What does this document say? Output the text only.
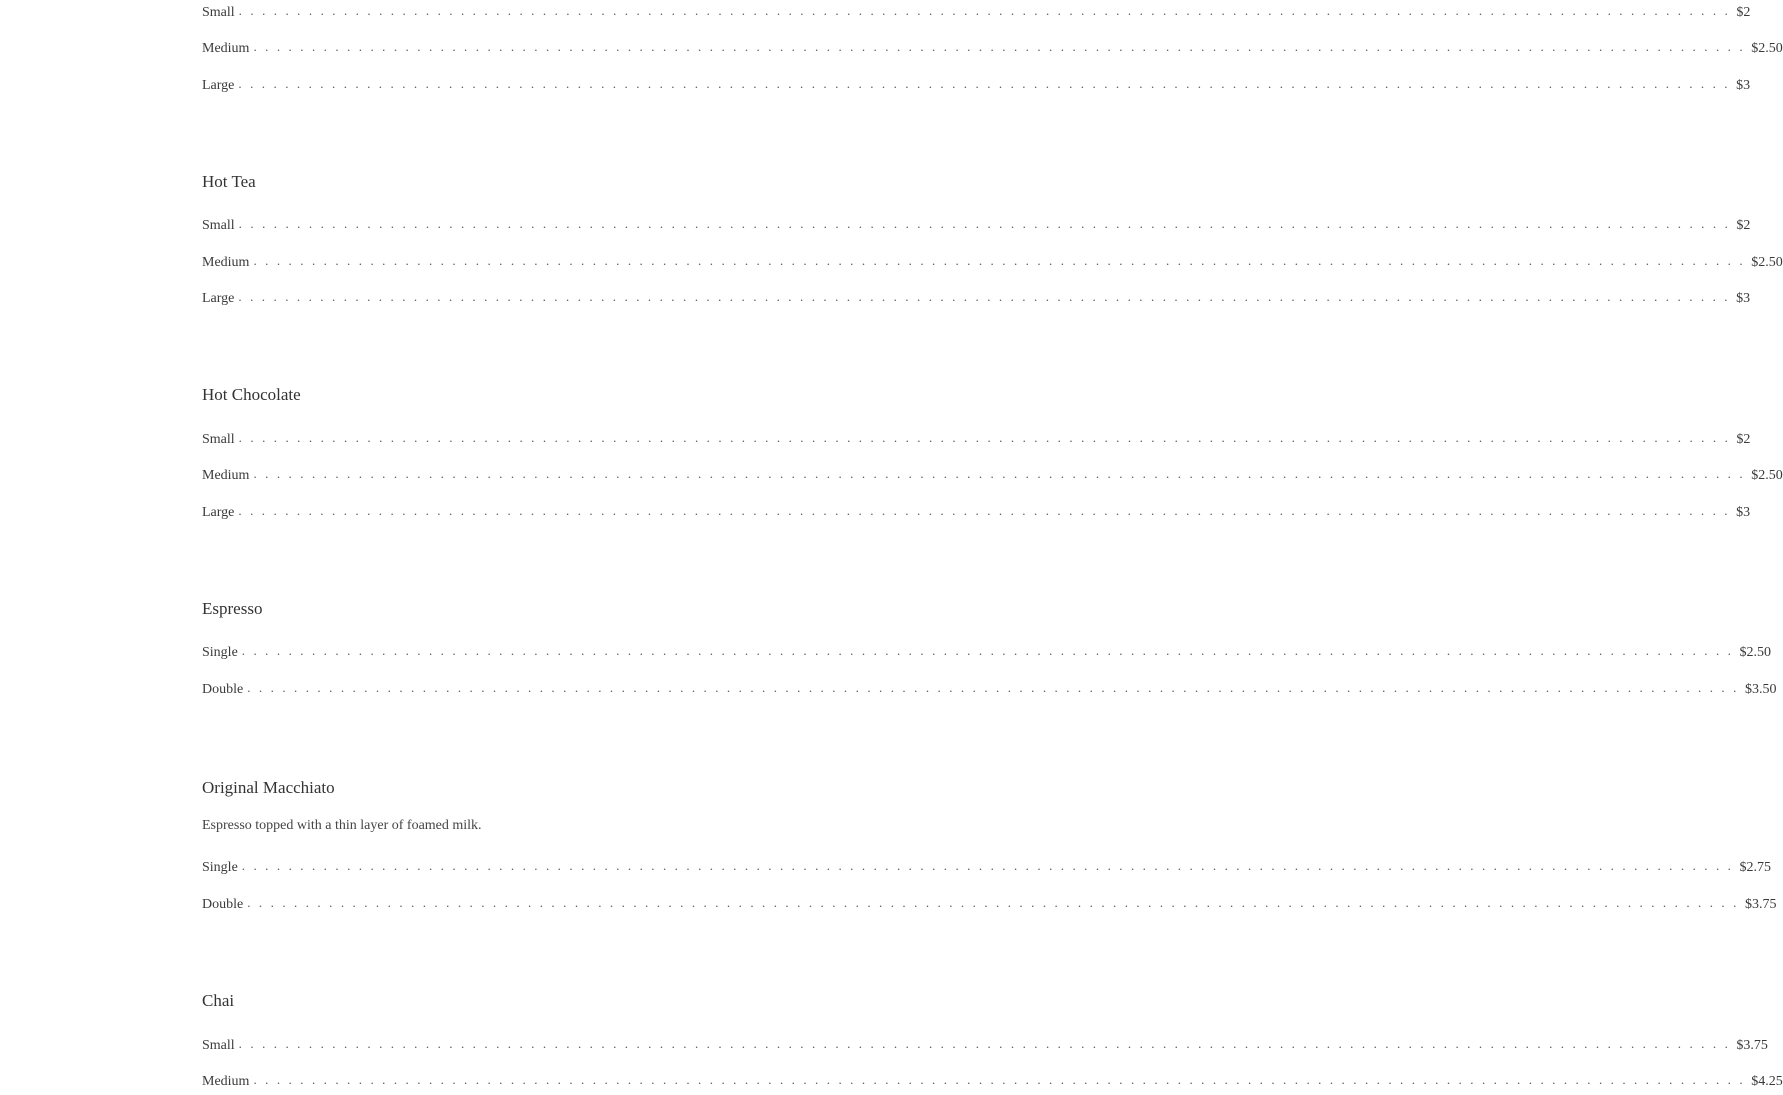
Small . . . . . . . . . . . . . . . . . . . . . . . . . . . . . . . . . . . . . . . . . . . . . . . . . . . . . . . . . . . . . . . . . . . . . . . . . . . . . . . . . . . . . . . . . . . . . . . . . . . . . . . . . . . . . . . . . . . . . . . . . . . . . . . . $2
Medium . . . . . . . . . . . . . . . . . . . . . . . . . . . . . . . . . . . . . . . . . . . . . . . . . . . . . . . . . . . . . . . . . . . . . . . . . . . . . . . . . . . . . . . . . . . . . . . . . . . . . . . . . . . . . . . . . . . . . . . . . . . . . . . . $2.50
Large . . . . . . . . . . . . . . . . . . . . . . . . . . . . . . . . . . . . . . . . . . . . . . . . . . . . . . . . . . . . . . . . . . . . . . . . . . . . . . . . . . . . . . . . . . . . . . . . . . . . . . . . . . . . . . . . . . . . . . . . . . . . . . . . $3
Hot Tea
Small . . . . . . . . . . . . . . . . . . . . . . . . . . . . . . . . . . . . . . . . . . . . . . . . . . . . . . . . . . . . . . . . . . . . . . . . . . . . . . . . . . . . . . . . . . . . . . . . . . . . . . . . . . . . . . . . . . . . . . . . . . . . . . . . $2
Medium . . . . . . . . . . . . . . . . . . . . . . . . . . . . . . . . . . . . . . . . . . . . . . . . . . . . . . . . . . . . . . . . . . . . . . . . . . . . . . . . . . . . . . . . . . . . . . . . . . . . . . . . . . . . . . . . . . . . . . . . . . . . . . . . $2.50
Large . . . . . . . . . . . . . . . . . . . . . . . . . . . . . . . . . . . . . . . . . . . . . . . . . . . . . . . . . . . . . . . . . . . . . . . . . . . . . . . . . . . . . . . . . . . . . . . . . . . . . . . . . . . . . . . . . . . . . . . . . . . . . . . . $3
Hot Chocolate
Small . . . . . . . . . . . . . . . . . . . . . . . . . . . . . . . . . . . . . . . . . . . . . . . . . . . . . . . . . . . . . . . . . . . . . . . . . . . . . . . . . . . . . . . . . . . . . . . . . . . . . . . . . . . . . . . . . . . . . . . . . . . . . . . . $2
Medium . . . . . . . . . . . . . . . . . . . . . . . . . . . . . . . . . . . . . . . . . . . . . . . . . . . . . . . . . . . . . . . . . . . . . . . . . . . . . . . . . . . . . . . . . . . . . . . . . . . . . . . . . . . . . . . . . . . . . . . . . . . . . . . . $2.50
Large . . . . . . . . . . . . . . . . . . . . . . . . . . . . . . . . . . . . . . . . . . . . . . . . . . . . . . . . . . . . . . . . . . . . . . . . . . . . . . . . . . . . . . . . . . . . . . . . . . . . . . . . . . . . . . . . . . . . . . . . . . . . . . . . $3
Espresso
Single . . . . . . . . . . . . . . . . . . . . . . . . . . . . . . . . . . . . . . . . . . . . . . . . . . . . . . . . . . . . . . . . . . . . . . . . . . . . . . . . . . . . . . . . . . . . . . . . . . . . . . . . . . . . . . . . . . . . . . . . . . . . . . . . $2.50
Double . . . . . . . . . . . . . . . . . . . . . . . . . . . . . . . . . . . . . . . . . . . . . . . . . . . . . . . . . . . . . . . . . . . . . . . . . . . . . . . . . . . . . . . . . . . . . . . . . . . . . . . . . . . . . . . . . . . . . . . . . . . . . . . . $3.50
Original Macchiato
Espresso topped with a thin layer of foamed milk.
Single . . . . . . . . . . . . . . . . . . . . . . . . . . . . . . . . . . . . . . . . . . . . . . . . . . . . . . . . . . . . . . . . . . . . . . . . . . . . . . . . . . . . . . . . . . . . . . . . . . . . . . . . . . . . . . . . . . . . . . . . . . . . . . . . $2.75
Double . . . . . . . . . . . . . . . . . . . . . . . . . . . . . . . . . . . . . . . . . . . . . . . . . . . . . . . . . . . . . . . . . . . . . . . . . . . . . . . . . . . . . . . . . . . . . . . . . . . . . . . . . . . . . . . . . . . . . . . . . . . . . . . . $3.75
Chai
Small . . . . . . . . . . . . . . . . . . . . . . . . . . . . . . . . . . . . . . . . . . . . . . . . . . . . . . . . . . . . . . . . . . . . . . . . . . . . . . . . . . . . . . . . . . . . . . . . . . . . . . . . . . . . . . . . . . . . . . . . . . . . . . . . $3.75
Medium . . . . . . . . . . . . . . . . . . . . . . . . . . . . . . . . . . . . . . . . . . . . . . . . . . . . . . . . . . . . . . . . . . . . . . . . . . . . . . . . . . . . . . . . . . . . . . . . . . . . . . . . . . . . . . . . . . . . . . . . . . . . . . . . $4.25
